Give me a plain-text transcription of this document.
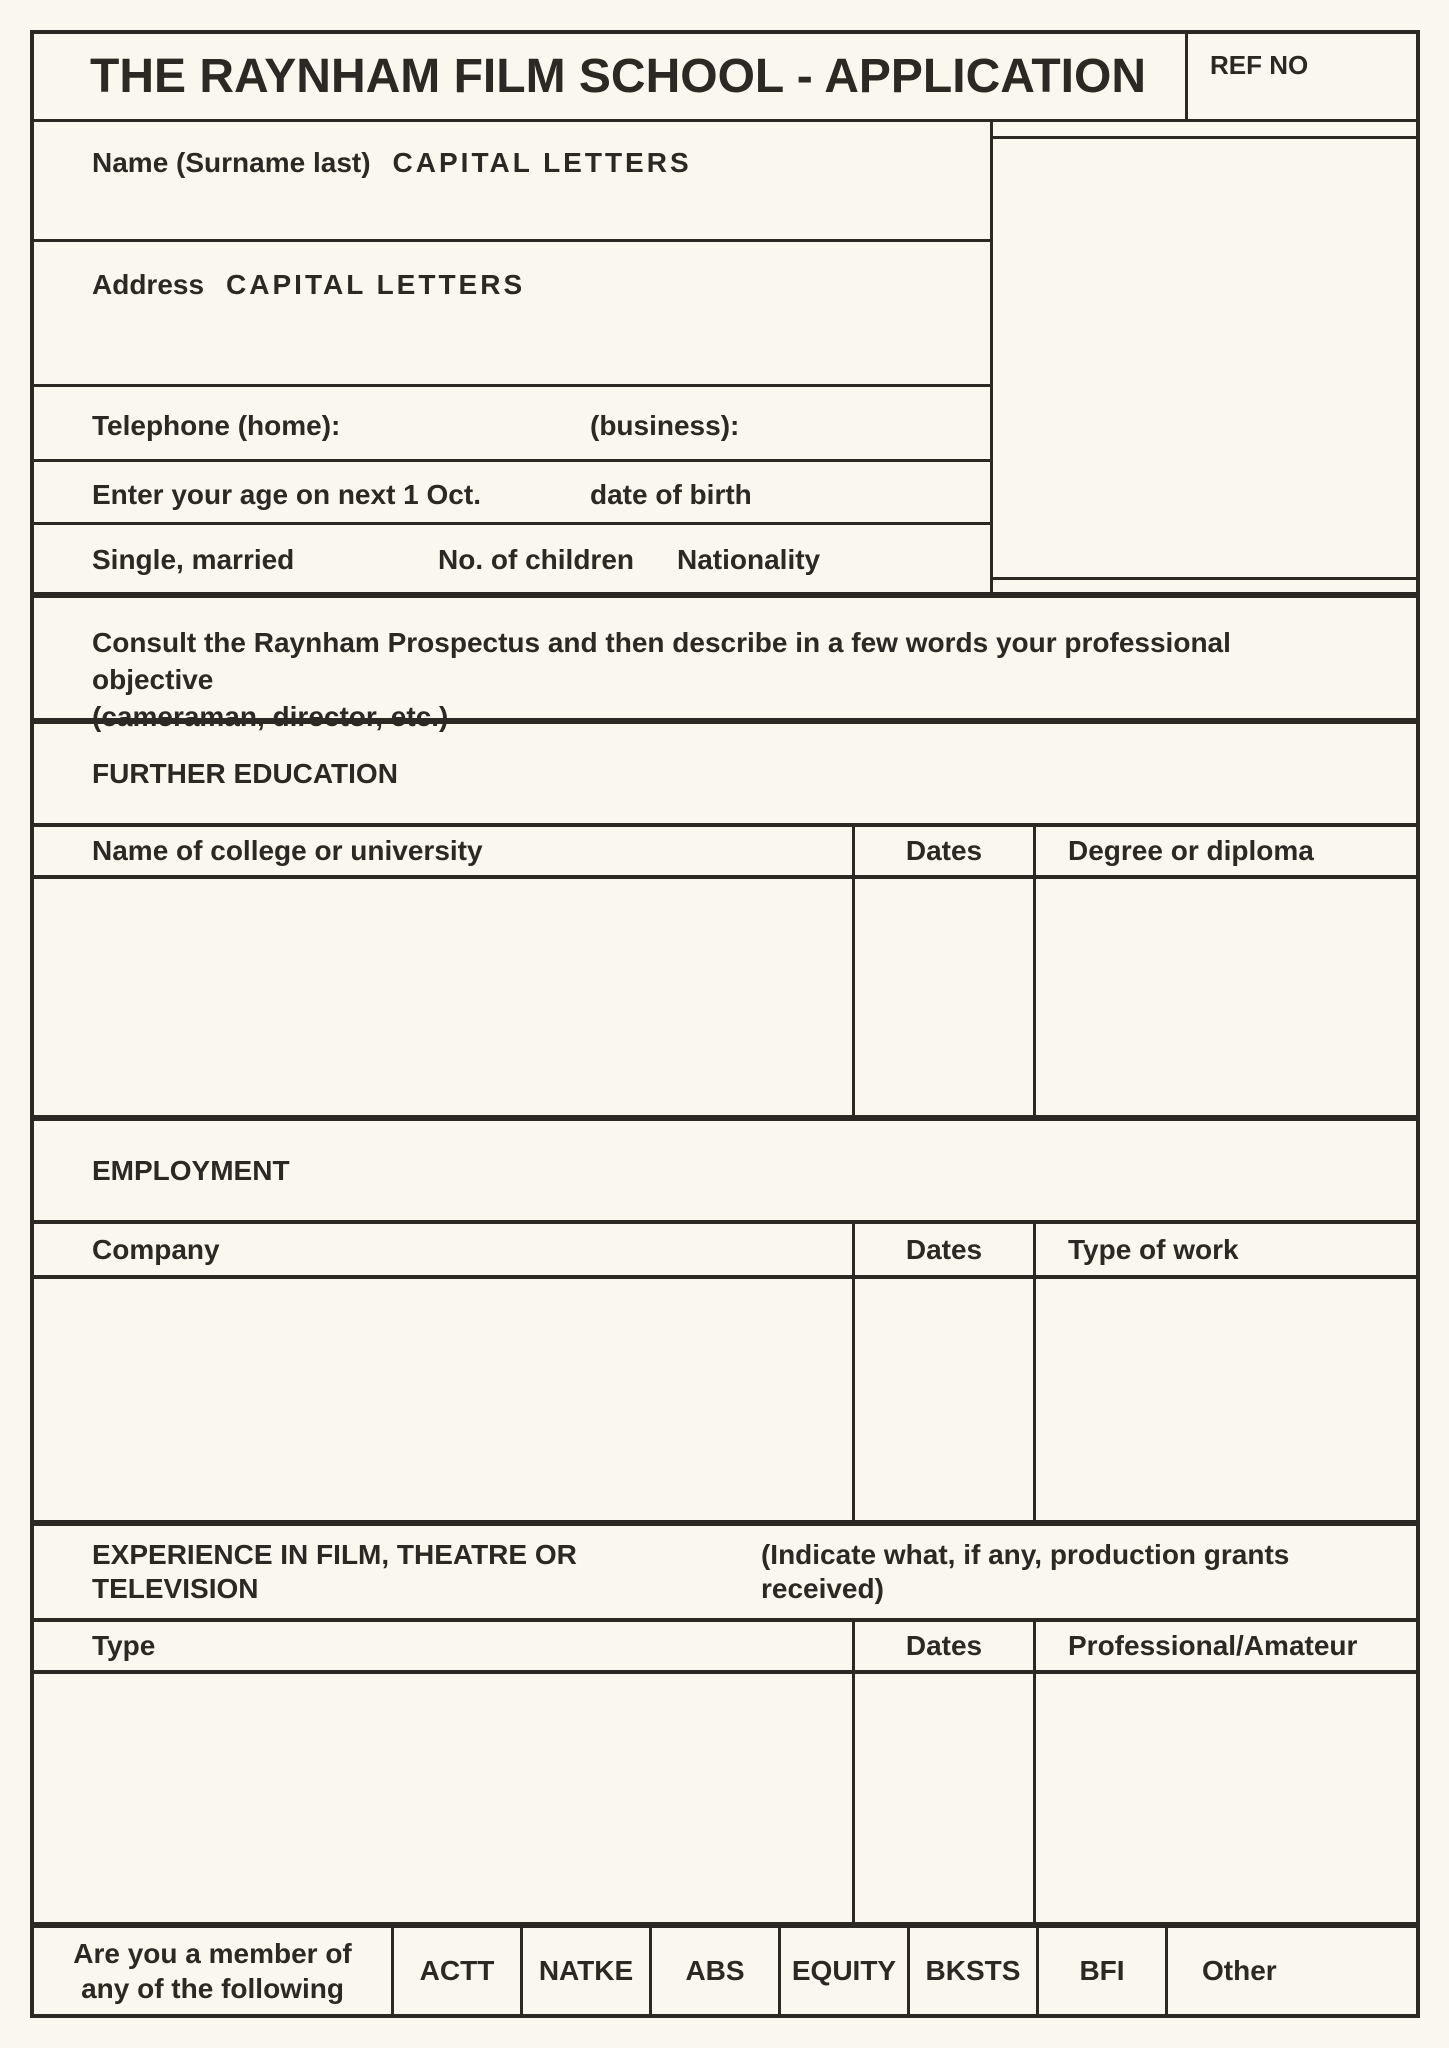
THE RAYNHAM FILM SCHOOL - APPLICATION REF NO
Name (Surname last) CAPITAL LETTERS
Address CAPITAL LETTERS
Telephone (home):	(business):
Enter your age on next 1 Oct.	date of birth
Single, married	No. of children Nationality
Consult the Raynham Prospectus and then describe in a few words your professional objective
(cameraman, director, etc.)
FURTHER EDUCATION
Name of college or university	Dates	Degree or diploma
EMPLOYMENT
Company	Dates	Type of work
EXPERIENCE IN FILM, THEATRE OR TELEVISION
(Indicate what, if any, production grants received)
Type	Dates	Professional/Amateur
Are you a member of
any of the following
ACTT	NATKE	ABS	EQUITY	BKSTS	BFI	Other
